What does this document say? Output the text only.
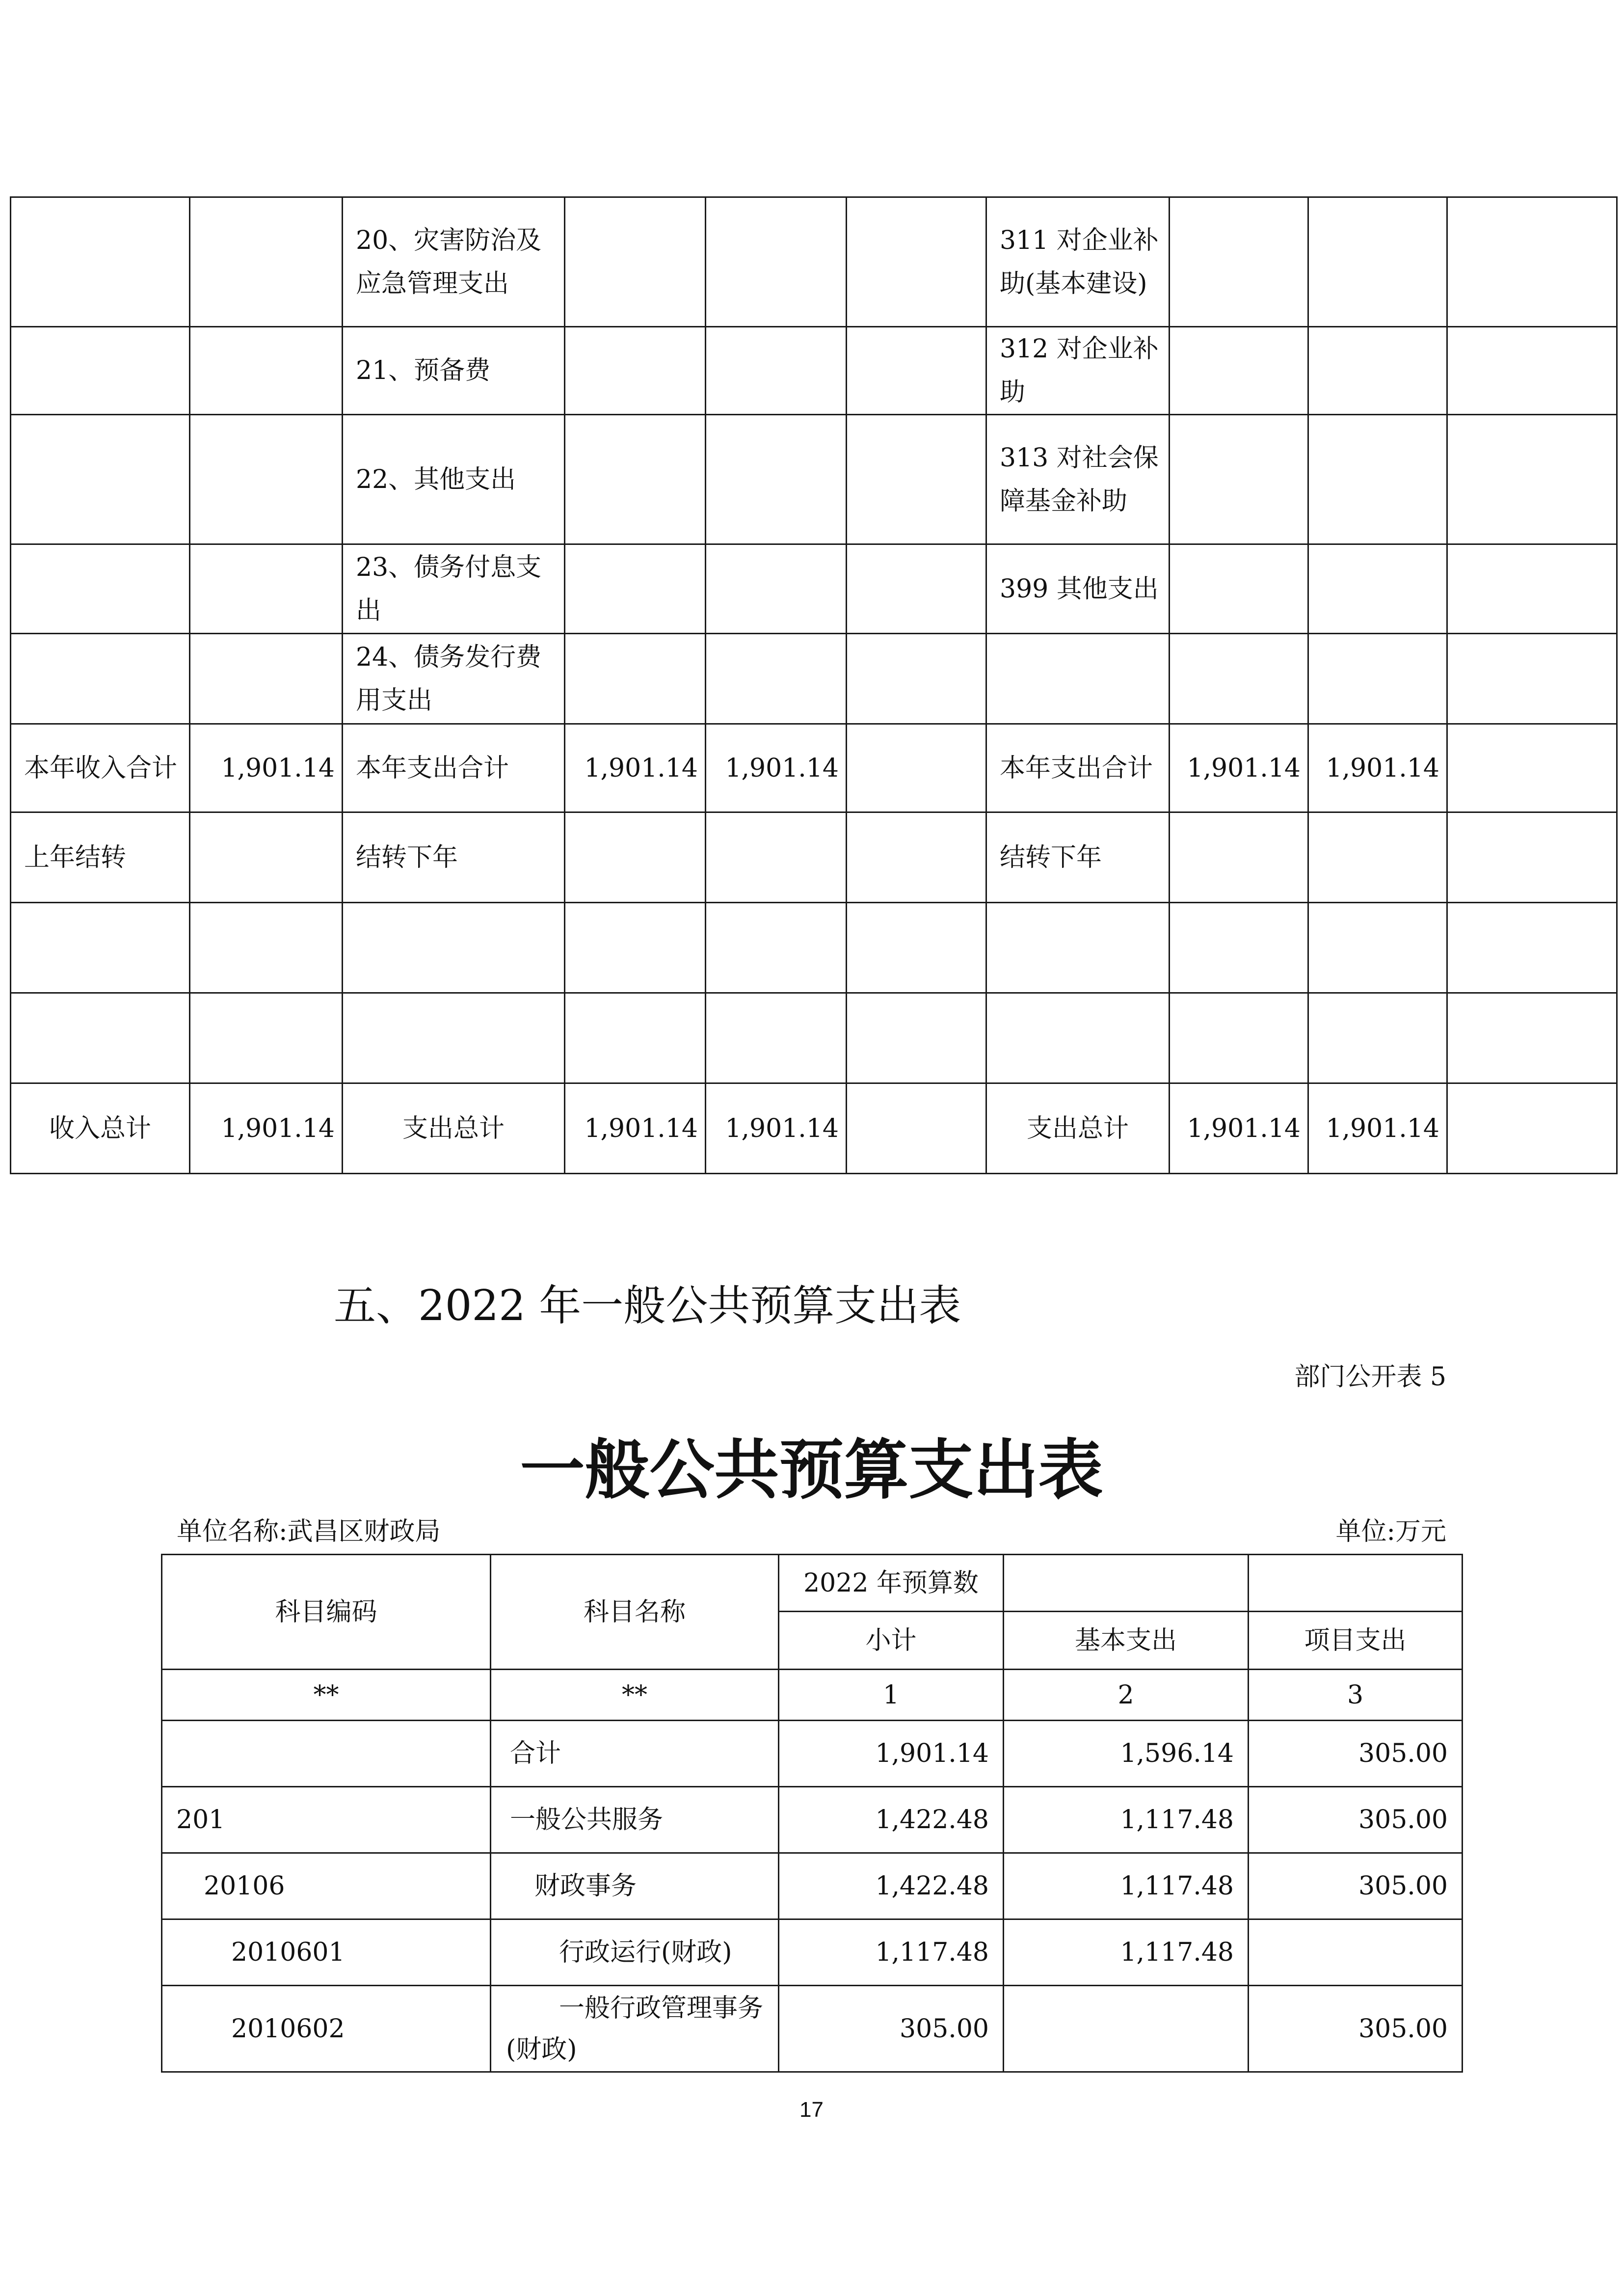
		20、灾害防治及应急管理支出				311 对企业补助(基本建设)			
		21、预备费				312 对企业补助			
		22、其他支出				313 对社会保障基金补助			
		23、债务付息支出				399 其他支出			
		24、债务发行费用支出							
本年收入合计	1,901.14	本年支出合计	1,901.14	1,901.14		本年支出合计	1,901.14	1,901.14	
上年结转		结转下年				结转下年			

收入总计	1,901.14	支出总计	1,901.14	1,901.14		支出总计	1,901.14	1,901.14	
五、2022 年一般公共预算支出表
部门公开表 5
一般公共预算支出表
单位名称:武昌区财政局	单位:万元
科目编码	科目名称	2022 年预算数		
		小计	基本支出	项目支出
**	**	1	2	3
	合计	1,901.14	1,596.14	305.00
201	一般公共服务	1,422.48	1,117.48	305.00
20106	财政事务	1,422.48	1,117.48	305.00
2010601	行政运行(财政)	1,117.48	1,117.48	
2010602	一般行政管理事务(财政)	305.00		305.00
17
